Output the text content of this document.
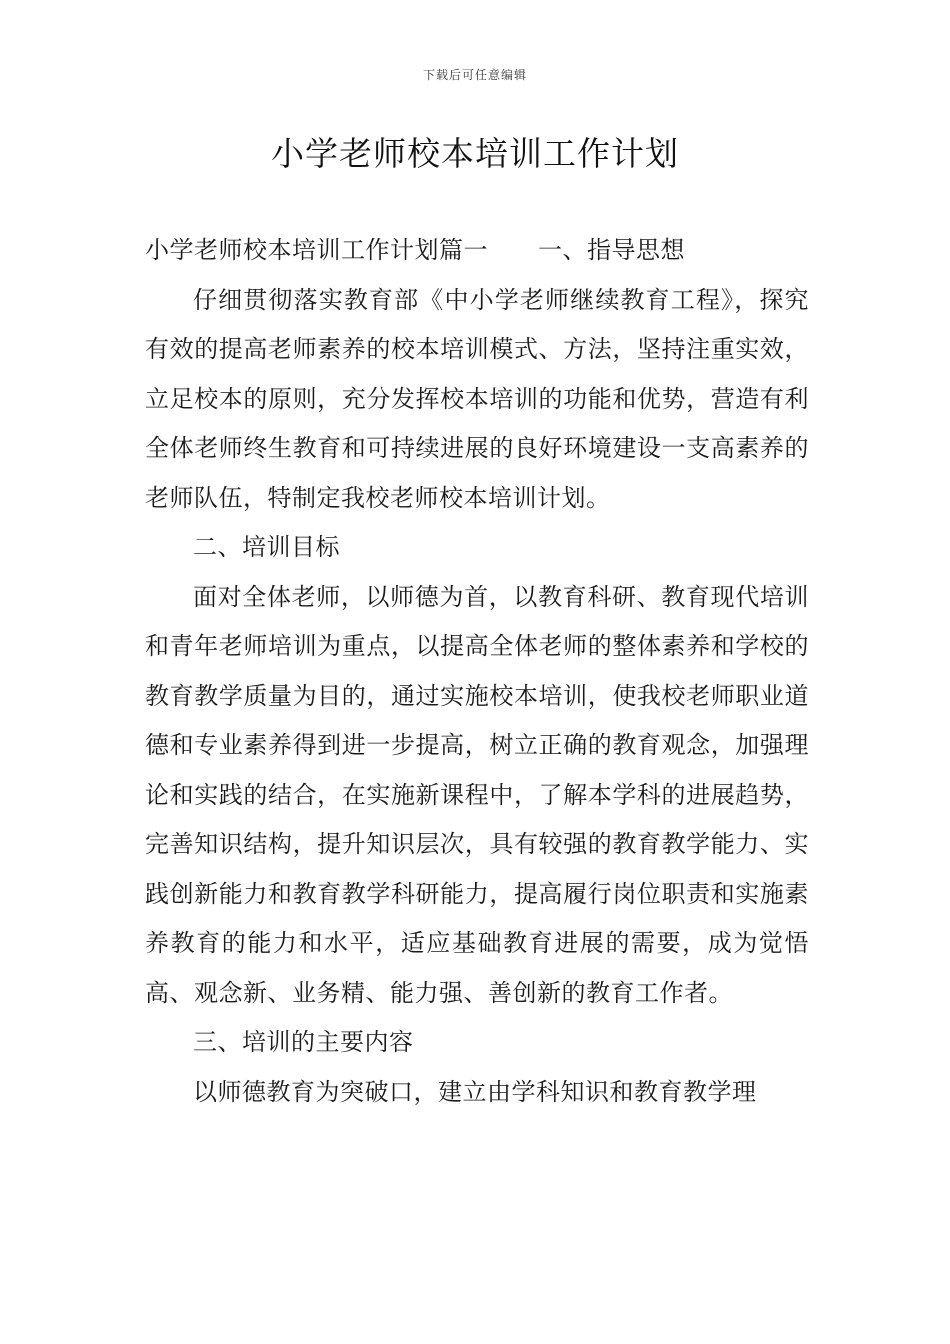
下载后可任意编辑
小学老师校本培训工作计划

小学老师校本培训工作计划篇一 一、指导思想

仔细贯彻落实教育部《中小学老师继续教育工程》，探究有效的提高老师素养的校本培训模式、方法，坚持注重实效，立足校本的原则，充分发挥校本培训的功能和优势，营造有利全体老师终生教育和可持续进展的良好环境建设一支高素养的老师队伍，特制定我校老师校本培训计划。

二、培训目标

面对全体老师，以师德为首，以教育科研、教育现代培训和青年老师培训为重点，以提高全体老师的整体素养和学校的教育教学质量为目的，通过实施校本培训，使我校老师职业道德和专业素养得到进一步提高，树立正确的教育观念，加强理论和实践的结合，在实施新课程中，了解本学科的进展趋势，完善知识结构，提升知识层次，具有较强的教育教学能力、实践创新能力和教育教学科研能力，提高履行岗位职责和实施素养教育的能力和水平，适应基础教育进展的需要，成为觉悟高、观念新、业务精、能力强、善创新的教育工作者。

三、培训的主要内容

以师德教育为突破口，建立由学科知识和教育教学理
